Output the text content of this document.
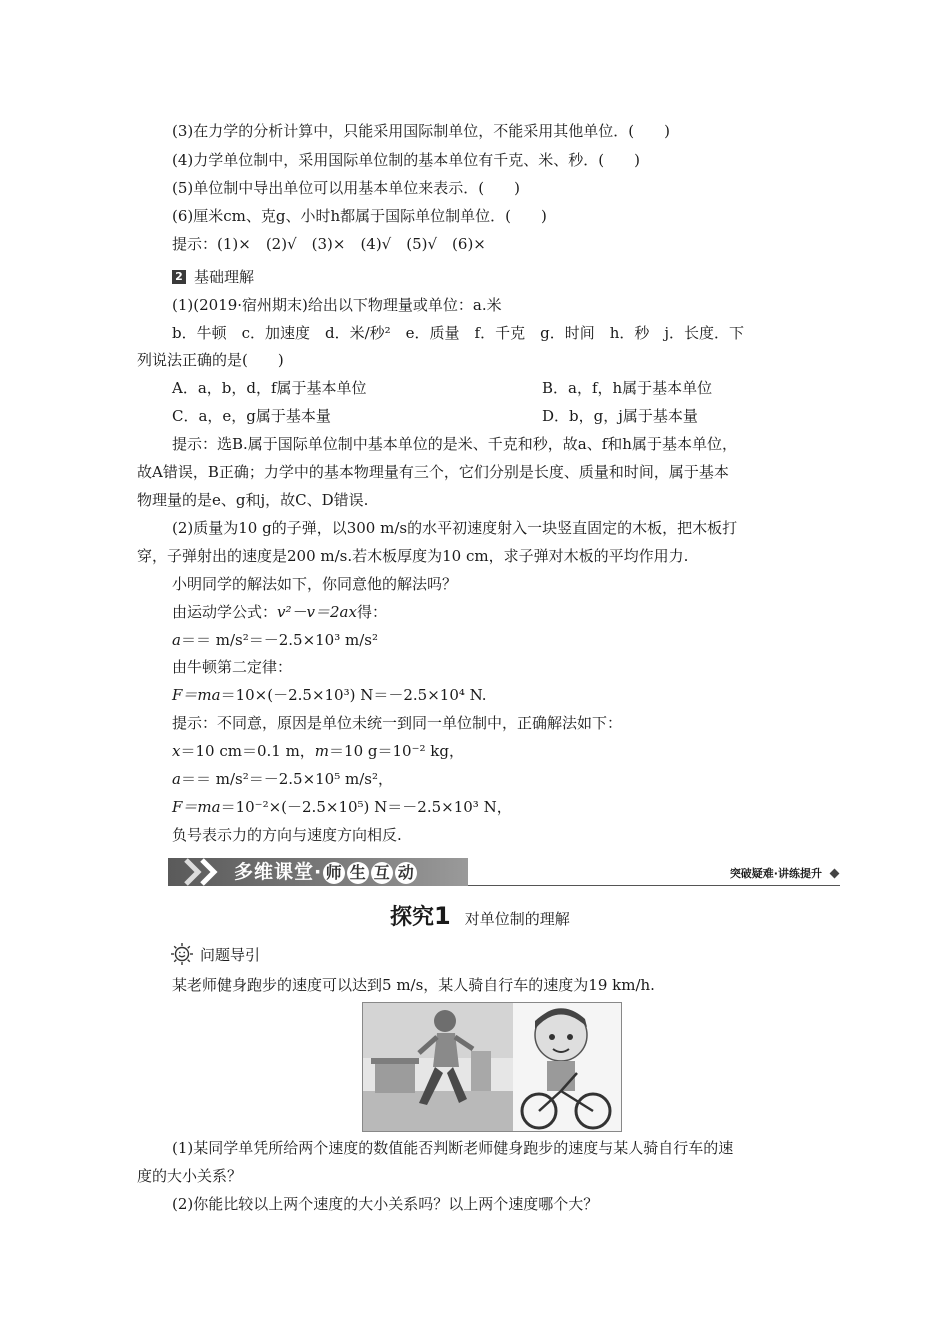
(3)在力学的分析计算中，只能采用国际制单位，不能采用其他单位．(　　)
(4)力学单位制中，采用国际单位制的基本单位有千克、米、秒．(　　)
(5)单位制中导出单位可以用基本单位来表示．(　　)
(6)厘米cm、克g、小时h都属于国际单位制单位．(　　)
提示：(1)×　(2)√　(3)×　(4)√　(5)√　(6)×
2 基础理解
(1)(2019·宿州期末)给出以下物理量或单位：a.米
b．牛顿　c．加速度　d．米/秒²　e．质量　f．千克　g．时间　h．秒　j．长度．下
列说法正确的是(　　)
A．a，b，d，f属于基本单位	B．a，f，h属于基本单位
C．a，e，g属于基本量	D．b，g，j属于基本量
提示：选B.属于国际单位制中基本单位的是米、千克和秒，故a、f和h属于基本单位，
故A错误，B正确；力学中的基本物理量有三个，它们分别是长度、质量和时间，属于基本
物理量的是e、g和j，故C、D错误.
(2)质量为10 g的子弹，以300 m/s的水平初速度射入一块竖直固定的木板，把木板打
穿，子弹射出的速度是200 m/s.若木板厚度为10 cm，求子弹对木板的平均作用力.
小明同学的解法如下，你同意他的解法吗？
由运动学公式：v²－v＝2ax得：
a＝＝ m/s²＝－2.5×10³ m/s²
由牛顿第二定律：
F＝ma＝10×(－2.5×10³) N＝－2.5×10⁴ N.
提示：不同意，原因是单位未统一到同一单位制中，正确解法如下：
x＝10 cm＝0.1 m，m＝10 g＝10⁻² kg，
a＝＝ m/s²＝－2.5×10⁵ m/s²，
F＝ma＝10⁻²×(－2.5×10⁵) N＝－2.5×10³ N，
负号表示力的方向与速度方向相反.
多维课堂· 师 生 互 动	突破疑难·讲练提升
探究 1 对单位制的理解
问题导引
某老师健身跑步的速度可以达到5 m/s，某人骑自行车的速度为19 km/h.
(1)某同学单凭所给两个速度的数值能否判断老师健身跑步的速度与某人骑自行车的速
度的大小关系？
(2)你能比较以上两个速度的大小关系吗？以上两个速度哪个大？
